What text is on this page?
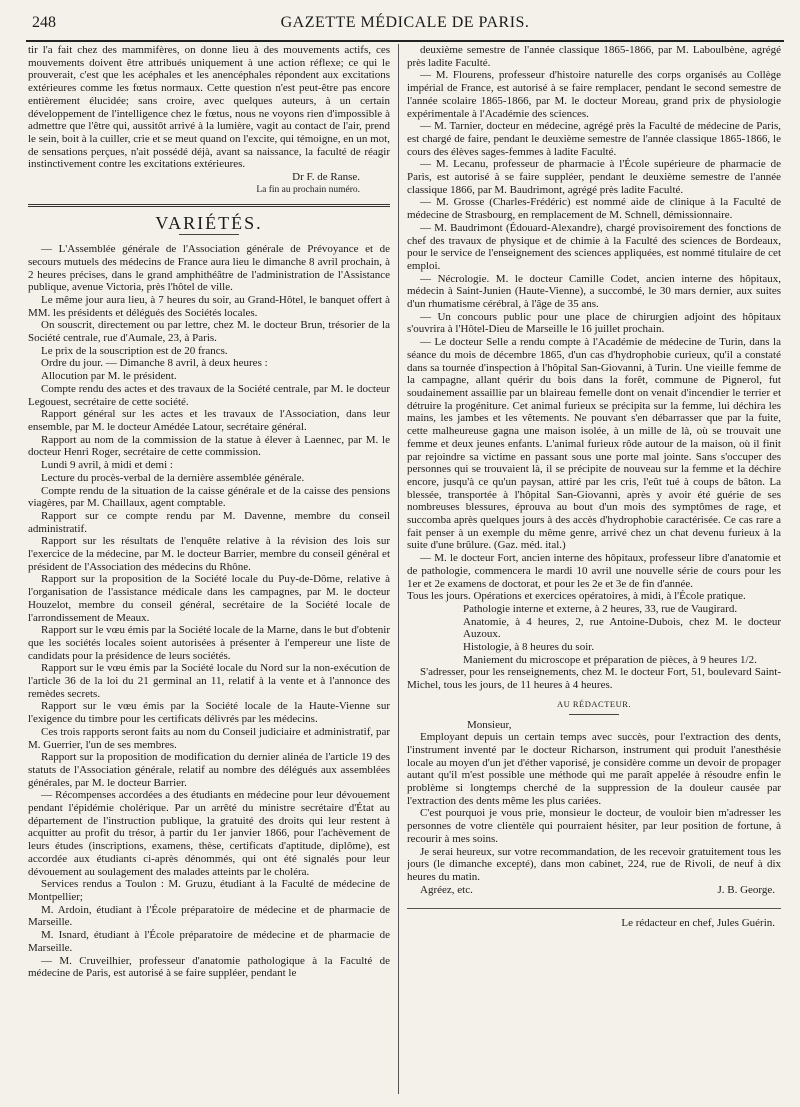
248	GAZETTE MÉDICALE DE PARIS.

tir l'a fait chez des mammifères, on donne lieu à des mouvements actifs, ces mouvements doivent être attribués uniquement à une action réflexe; ce qui le prouverait, c'est que les acéphales et les anencéphales répondent aux excitations extérieures comme les fœtus normaux. Cette question n'est peut-être pas encore entièrement élucidée; sans croire, avec quelques auteurs, à un certain développement de l'intelligence chez le fœtus, nous ne voyons rien d'impossible à admettre que l'être qui, aussitôt arrivé à la lumière, vagit au contact de l'air, prend le sein, boit à la cuiller, crie et se meut quand on l'excite, qui témoigne, en un mot, de sensations perçues, n'ait possédé déjà, avant sa naissance, la faculté de réagir instinctivement contre les excitations extérieures.

Dr F. de Ranse.
La fin au prochain numéro.
VARIÉTÉS.

— L'Assemblée générale de l'Association générale de Prévoyance et de secours mutuels des médecins de France aura lieu le dimanche 8 avril prochain, à 2 heures précises, dans le grand amphithéâtre de l'administration de l'Assistance publique, avenue Victoria, près l'hôtel de ville.

Le même jour aura lieu, à 7 heures du soir, au Grand-Hôtel, le banquet offert à MM. les présidents et délégués des Sociétés locales.

On souscrit, directement ou par lettre, chez M. le docteur Brun, trésorier de la Société centrale, rue d'Aumale, 23, à Paris.

Le prix de la souscription est de 20 francs.

Ordre du jour. — Dimanche 8 avril, à deux heures :

Allocution par M. le président.

Compte rendu des actes et des travaux de la Société centrale, par M. le docteur Legouest, secrétaire de cette société.

Rapport général sur les actes et les travaux de l'Association, dans leur ensemble, par M. le docteur Amédée Latour, secrétaire général.

Rapport au nom de la commission de la statue à élever à Laennec, par M. le docteur Henri Roger, secrétaire de cette commission.

Lundi 9 avril, à midi et demi :

Lecture du procès-verbal de la dernière assemblée générale.

Compte rendu de la situation de la caisse générale et de la caisse des pensions viagères, par M. Chaillaux, agent comptable.

Rapport sur ce compte rendu par M. Davenne, membre du conseil administratif.

Rapport sur les résultats de l'enquête relative à la révision des lois sur l'exercice de la médecine, par M. le docteur Barrier, membre du conseil général et président de l'Association des médecins du Rhône.

Rapport sur la proposition de la Société locale du Puy-de-Dôme, relative à l'organisation de l'assistance médicale dans les campagnes, par M. le docteur Houzelot, membre du conseil général, secrétaire de la Société locale de l'arrondissement de Meaux.

Rapport sur le vœu émis par la Société locale de la Marne, dans le but d'obtenir que les sociétés locales soient autorisées à présenter à l'empereur une liste de candidats pour la présidence de leurs sociétés.

Rapport sur le vœu émis par la Société locale du Nord sur la non-exécution de l'article 36 de la loi du 21 germinal an 11, relatif à la vente et à l'annonce des remèdes secrets.

Rapport sur le vœu émis par la Société locale de la Haute-Vienne sur l'exigence du timbre pour les certificats délivrés par les médecins.

Ces trois rapports seront faits au nom du Conseil judiciaire et administratif, par M. Guerrier, l'un de ses membres.

Rapport sur la proposition de modification du dernier alinéa de l'article 19 des statuts de l'Association générale, relatif au nombre des délégués aux assemblées générales, par M. le docteur Barrier.

— Récompenses accordées a des étudiants en médecine pour leur dévouement pendant l'épidémie cholérique. Par un arrêté du ministre secrétaire d'État au département de l'instruction publique, la gratuité des droits qui leur restent à acquitter au profit du trésor, à partir du 1er janvier 1866, pour l'achèvement de leurs études (inscriptions, examens, thèse, certificats d'aptitude, diplôme), est accordée aux étudiants ci-après dénommés, qui ont été signalés pour leur dévouement au soulagement des malades atteints par le choléra.

Services rendus a Toulon : M. Gruzu, étudiant à la Faculté de médecine de Montpellier;

M. Ardoin, étudiant à l'École préparatoire de médecine et de pharmacie de Marseille.

M. Isnard, étudiant à l'École préparatoire de médecine et de pharmacie de Marseille.

— M. Cruveilhier, professeur d'anatomie pathologique à la Faculté de médecine de Paris, est autorisé à se faire suppléer, pendant le

deuxième semestre de l'année classique 1865-1866, par M. Laboulbène, agrégé près ladite Faculté.

— M. Flourens, professeur d'histoire naturelle des corps organisés au Collège impérial de France, est autorisé à se faire remplacer, pendant le second semestre de l'année scolaire 1865-1866, par M. le docteur Moreau, grand prix de physiologie expérimentale à l'Académie des sciences.

— M. Tarnier, docteur en médecine, agrégé près la Faculté de médecine de Paris, est chargé de faire, pendant le deuxième semestre de l'année classique 1865-1866, le cours des élèves sages-femmes à ladite Faculté.

— M. Lecanu, professeur de pharmacie à l'École supérieure de pharmacie de Paris, est autorisé à se faire suppléer, pendant le deuxième semestre de l'année classique 1866, par M. Baudrimont, agrégé près ladite Faculté.

— M. Grosse (Charles-Frédéric) est nommé aide de clinique à la Faculté de médecine de Strasbourg, en remplacement de M. Schnell, démissionnaire.

— M. Baudrimont (Édouard-Alexandre), chargé provisoirement des fonctions de chef des travaux de physique et de chimie à la Faculté des sciences de Bordeaux, pour le service de l'enseignement des sciences appliquées, est nommé titulaire de cet emploi.

— Nécrologie. M. le docteur Camille Codet, ancien interne des hôpitaux, médecin à Saint-Junien (Haute-Vienne), a succombé, le 30 mars dernier, aux suites d'un rhumatisme cérébral, à l'âge de 35 ans.

— Un concours public pour une place de chirurgien adjoint des hôpitaux s'ouvrira à l'Hôtel-Dieu de Marseille le 16 juillet prochain.

— Le docteur Selle a rendu compte à l'Académie de médecine de Turin, dans la séance du mois de décembre 1865, d'un cas d'hydrophobie curieux, qu'il a constaté dans sa tournée d'inspection à l'hôpital San-Giovanni, à Turin. Une vieille femme de la campagne, allant quérir du bois dans la forêt, commune de Pignerol, fut soudainement assaillie par un blaireau femelle dont on venait d'incendier le terrier et détruire la progéniture. Cet animal furieux se précipita sur la femme, lui déchira les mains, les jambes et les vêtements. Ne pouvant s'en débarrasser que par la fuite, cette malheureuse gagna une maison isolée, à un mille de là, où se trouvait une femme et deux jeunes enfants. L'animal furieux rôde autour de la maison, où il finit par rejoindre sa victime en passant sous une porte mal jointe. Sans s'occuper des personnes qui se trouvaient là, il se précipite de nouveau sur la femme et la déchire encore, jusqu'à ce qu'un paysan, attiré par les cris, l'eût tué à coups de bâton. La blessée, transportée à l'hôpital San-Giovanni, après y avoir été guérie de ses nombreuses blessures, éprouva au bout d'un mois des symptômes de rage, et succomba après quelques jours à des accès d'hydrophobie caractérisée. Ce cas rare a fait penser à un exemple du même genre, arrivé chez un chat devenu furieux à la suite d'une brûlure. (Gaz. méd. ital.)

— M. le docteur Fort, ancien interne des hôpitaux, professeur libre d'anatomie et de pathologie, commencera le mardi 10 avril une nouvelle série de cours pour les 1er et 2e examens de doctorat, et pour les 2e et 3e de fin d'année.

Tous les jours. Opérations et exercices opératoires, à midi, à l'École pratique.

Pathologie interne et externe, à 2 heures, 33, rue de Vaugirard.

Anatomie, à 4 heures, 2, rue Antoine-Dubois, chez M. le docteur Auzoux.

Histologie, à 8 heures du soir.

Maniement du microscope et préparation de pièces, à 9 heures 1/2.

S'adresser, pour les renseignements, chez M. le docteur Fort, 51, boulevard Saint-Michel, tous les jours, de 11 heures à 4 heures.

AU RÉDACTEUR.

Monsieur,

Employant depuis un certain temps avec succès, pour l'extraction des dents, l'instrument inventé par le docteur Richarson, instrument qui produit l'anesthésie locale au moyen d'un jet d'éther vaporisé, je considère comme un devoir de propager autant qu'il m'est possible une méthode qui me paraît appelée à résoudre enfin le problème si longtemps cherché de la suppression de la douleur causée par l'extraction des dents même les plus cariées.

C'est pourquoi je vous prie, monsieur le docteur, de vouloir bien m'adresser les personnes de votre clientèle qui pourraient hésiter, par leur position de fortune, à recourir à mes soins.

Je serai heureux, sur votre recommandation, de les recevoir gratuitement tous les jours (le dimanche excepté), dans mon cabinet, 224, rue de Rivoli, de neuf à dix heures du matin.

Agréez, etc.	J. B. George.
Le rédacteur en chef, Jules Guérin.
